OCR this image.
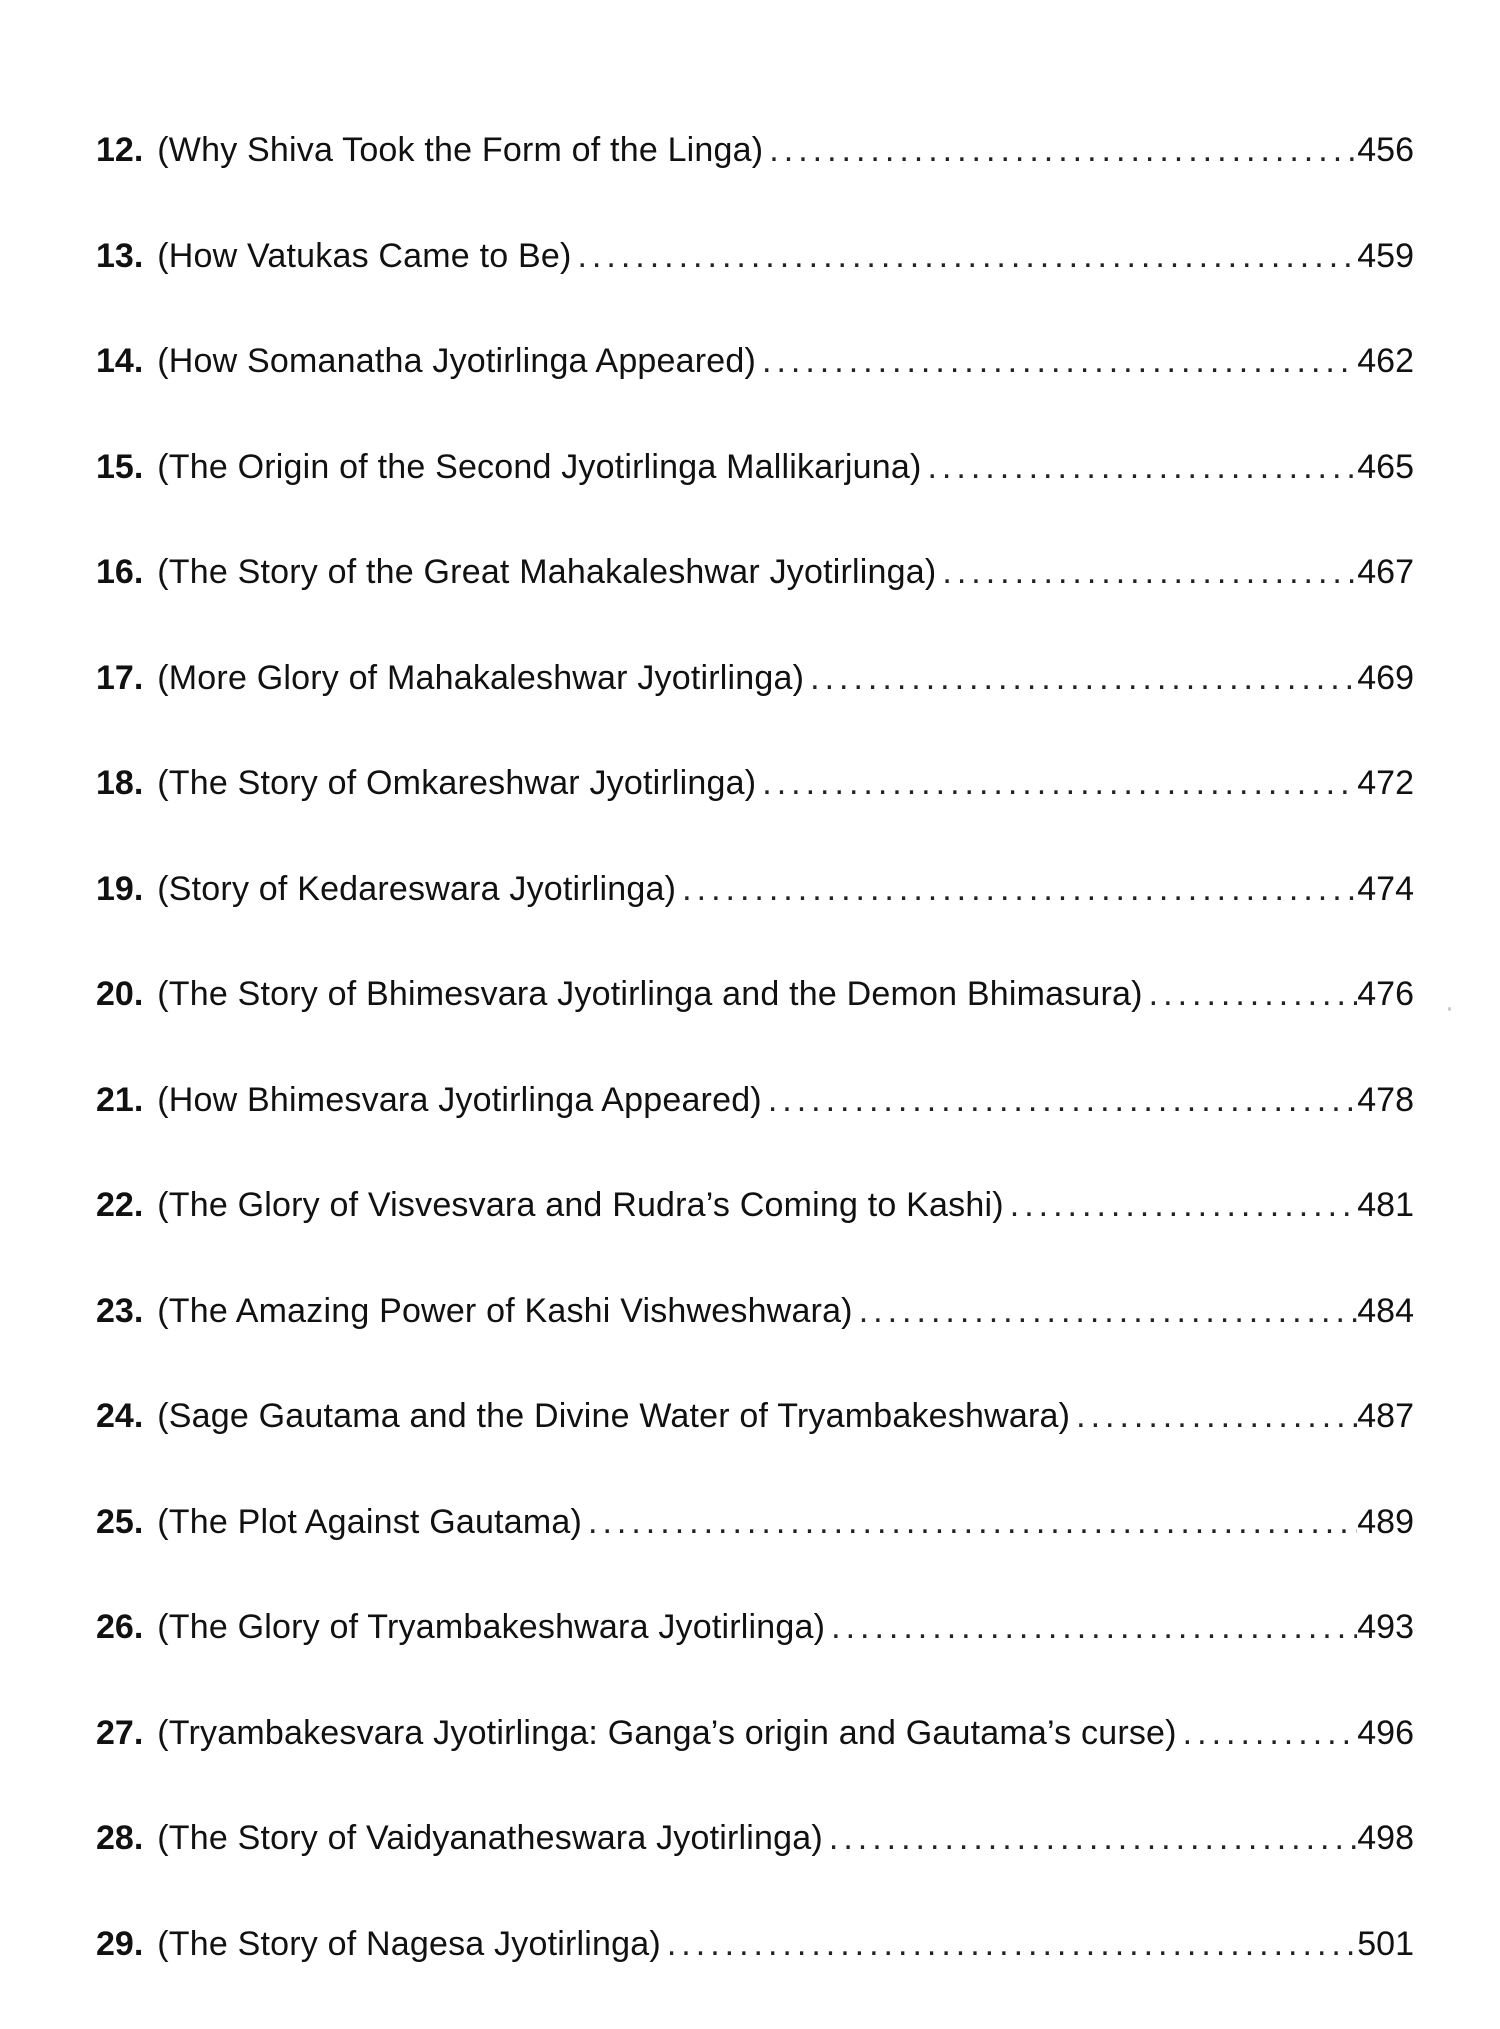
12. (Why Shiva Took the Form of the Linga) .....	456
13. (How Vatukas Came to Be) .....	459
14. (How Somanatha Jyotirlinga Appeared) .....	462
15. (The Origin of the Second Jyotirlinga Mallikarjuna) .....	465
16. (The Story of the Great Mahakaleshwar Jyotirlinga) .....	467
17. (More Glory of Mahakaleshwar Jyotirlinga) .....	469
18. (The Story of Omkareshwar Jyotirlinga) .....	472
19. (Story of Kedareswara Jyotirlinga) .....	474
20. (The Story of Bhimesvara Jyotirlinga and the Demon Bhimasura) .....	476
21. (How Bhimesvara Jyotirlinga Appeared) .....	478
22. (The Glory of Visvesvara and Rudra’s Coming to Kashi) .....	481
23. (The Amazing Power of Kashi Vishweshwara) .....	484
24. (Sage Gautama and the Divine Water of Tryambakeshwara) .....	487
25. (The Plot Against Gautama) .....	489
26. (The Glory of Tryambakeshwara Jyotirlinga) .....	493
27. (Tryambakesvara Jyotirlinga: Ganga’s origin and Gautama’s curse) .....	496
28. (The Story of Vaidyanatheswara Jyotirlinga) .....	498
29. (The Story of Nagesa Jyotirlinga) .....	501
